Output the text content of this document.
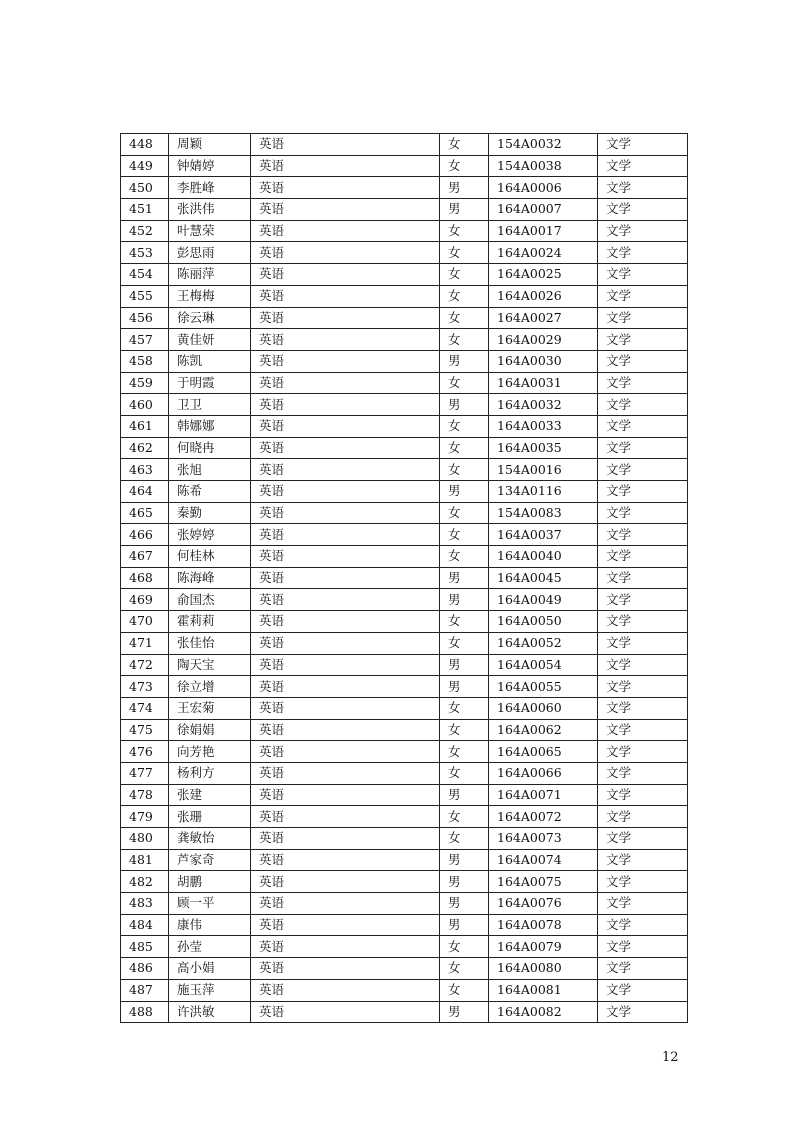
448	周颖	英语	女	154A0032	文学
449	钟婧婷	英语	女	154A0038	文学
450	李胜峰	英语	男	164A0006	文学
451	张洪伟	英语	男	164A0007	文学
452	叶慧荣	英语	女	164A0017	文学
453	彭思雨	英语	女	164A0024	文学
454	陈丽萍	英语	女	164A0025	文学
455	王梅梅	英语	女	164A0026	文学
456	徐云琳	英语	女	164A0027	文学
457	黄佳妍	英语	女	164A0029	文学
458	陈凯	英语	男	164A0030	文学
459	于明霞	英语	女	164A0031	文学
460	卫卫	英语	男	164A0032	文学
461	韩娜娜	英语	女	164A0033	文学
462	何晓冉	英语	女	164A0035	文学
463	张旭	英语	女	154A0016	文学
464	陈希	英语	男	134A0116	文学
465	秦勤	英语	女	154A0083	文学
466	张婷婷	英语	女	164A0037	文学
467	何桂林	英语	女	164A0040	文学
468	陈海峰	英语	男	164A0045	文学
469	俞国杰	英语	男	164A0049	文学
470	霍莉莉	英语	女	164A0050	文学
471	张佳怡	英语	女	164A0052	文学
472	陶天宝	英语	男	164A0054	文学
473	徐立增	英语	男	164A0055	文学
474	王宏菊	英语	女	164A0060	文学
475	徐娟娟	英语	女	164A0062	文学
476	向芳艳	英语	女	164A0065	文学
477	杨利方	英语	女	164A0066	文学
478	张建	英语	男	164A0071	文学
479	张珊	英语	女	164A0072	文学
480	龚敏怡	英语	女	164A0073	文学
481	芦家奇	英语	男	164A0074	文学
482	胡鹏	英语	男	164A0075	文学
483	顾一平	英语	男	164A0076	文学
484	康伟	英语	男	164A0078	文学
485	孙莹	英语	女	164A0079	文学
486	高小娟	英语	女	164A0080	文学
487	施玉萍	英语	女	164A0081	文学
488	许洪敏	英语	男	164A0082	文学
12
